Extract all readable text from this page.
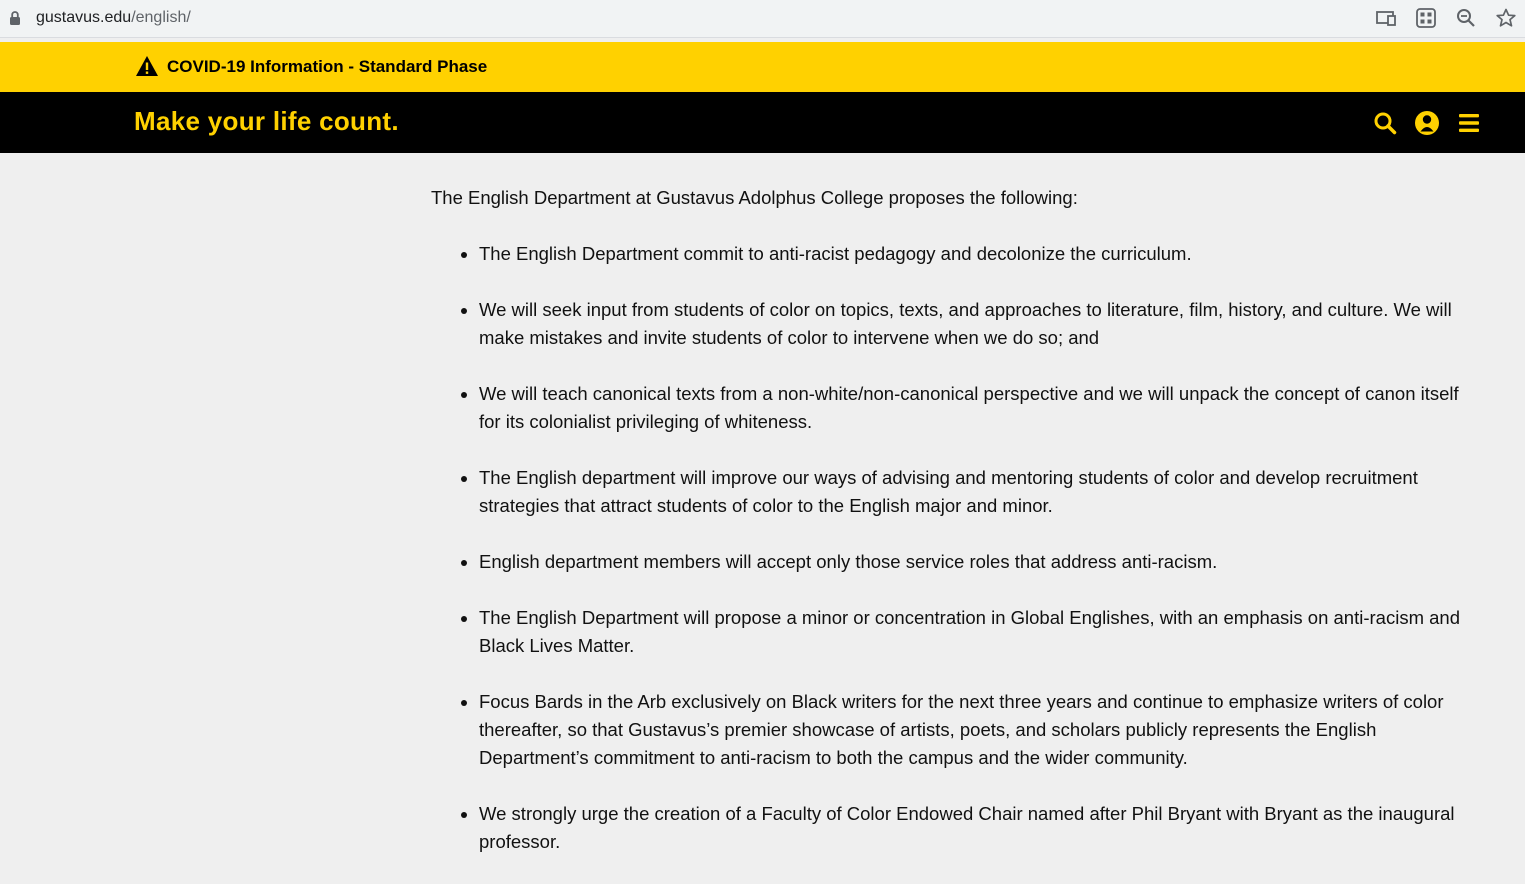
gustavus.edu/english/
COVID-19 Information - Standard Phase
Make your life count.

The English Department at Gustavus Adolphus College proposes the following:

The English Department commit to anti-racist pedagogy and decolonize the curriculum.
We will seek input from students of color on topics, texts, and approaches to literature, film, history, and culture. We will make mistakes and invite students of color to intervene when we do so; and
We will teach canonical texts from a non-white/non-canonical perspective and we will unpack the concept of canon itself for its colonialist privileging of whiteness.
The English department will improve our ways of advising and mentoring students of color and develop recruitment strategies that attract students of color to the English major and minor.
English department members will accept only those service roles that address anti-racism.
The English Department will propose a minor or concentration in Global Englishes, with an emphasis on anti-racism and Black Lives Matter.
Focus Bards in the Arb exclusively on Black writers for the next three years and continue to emphasize writers of color thereafter, so that Gustavus’s premier showcase of artists, poets, and scholars publicly represents the English Department’s commitment to anti-racism to both the campus and the wider community.
We strongly urge the creation of a Faculty of Color Endowed Chair named after Phil Bryant with Bryant as the inaugural professor.
